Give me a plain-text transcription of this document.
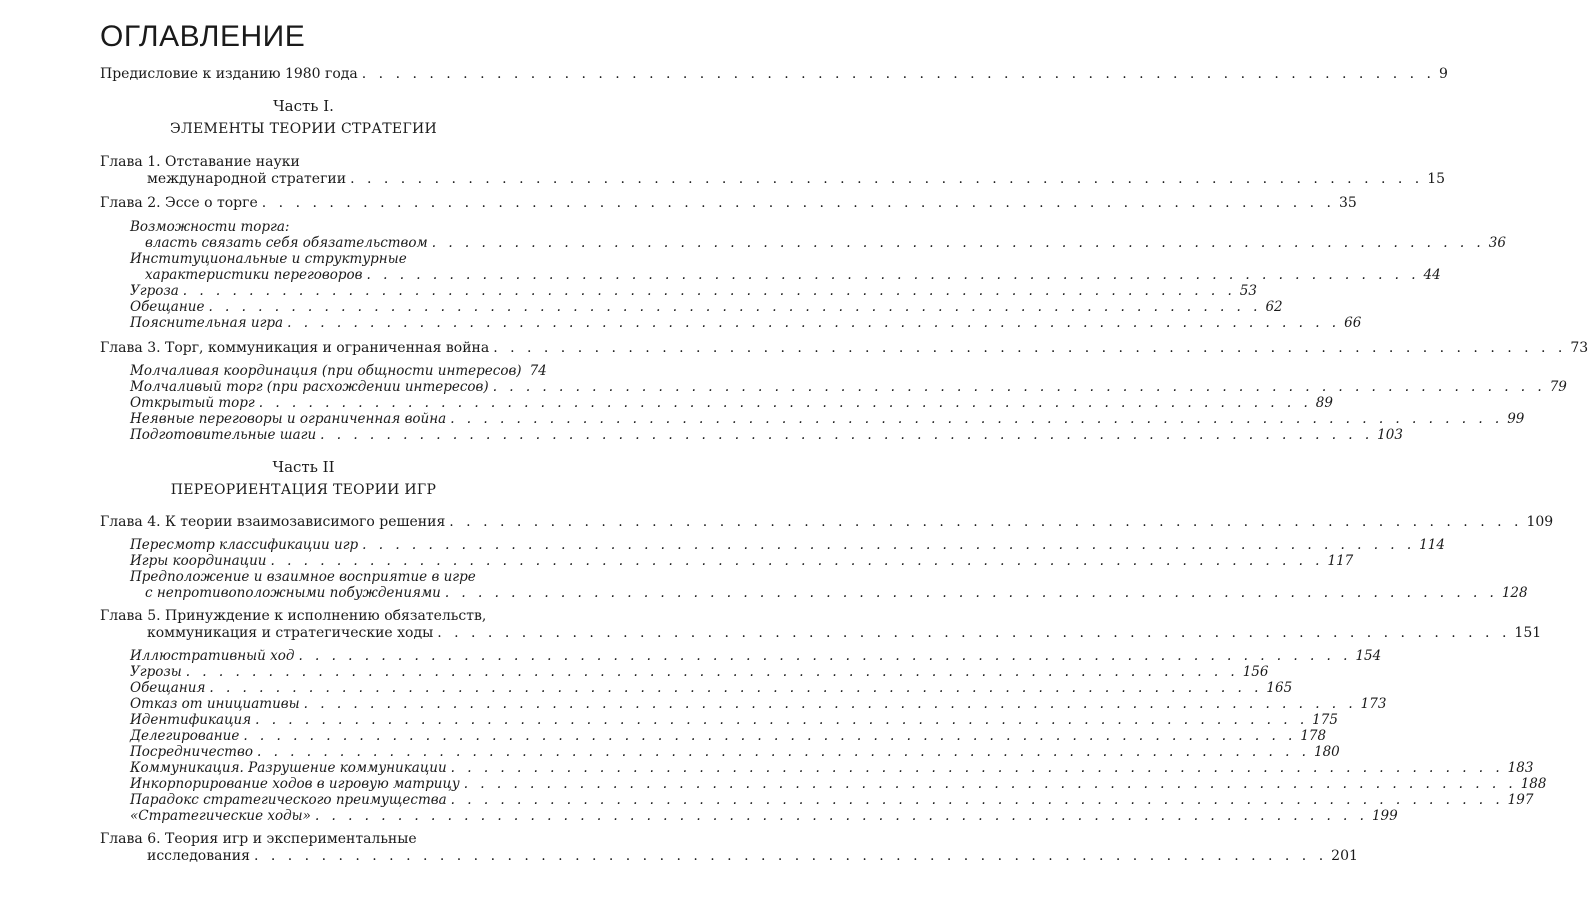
ОГЛАВЛЕНИЕ
Предисловие к изданию 1980 года . . . . . . . . . . . . . . . . . . . . . . . . . . . . . . . . . . . . . . . . . . . . . . . . . . . . . . . . . . . . . . . . 9
Часть I.
ЭЛЕМЕНТЫ ТЕОРИИ СТРАТЕГИИ
Глава 1. Отставание науки
международной стратегии . . . . . . . . . . . . . . . . . . . . . . . . . . . . . . . . . . . . . . . . . . . . . . . . . . . . . . . . . . . . . . . . 15
Глава 2. Эссе о торге . . . . . . . . . . . . . . . . . . . . . . . . . . . . . . . . . . . . . . . . . . . . . . . . . . . . . . . . . . . . . . . . 35
Возможности торга:
власть связать себя обязательством . . . . . . . . . . . . . . . . . . . . . . . . . . . . . . . . . . . . . . . . . . . . . . . . . . . . . . . . . . . . . . . . 36
Институциональные и структурные
характеристики переговоров . . . . . . . . . . . . . . . . . . . . . . . . . . . . . . . . . . . . . . . . . . . . . . . . . . . . . . . . . . . . . . . . 44
Угроза . . . . . . . . . . . . . . . . . . . . . . . . . . . . . . . . . . . . . . . . . . . . . . . . . . . . . . . . . . . . . . . . 53
Обещание . . . . . . . . . . . . . . . . . . . . . . . . . . . . . . . . . . . . . . . . . . . . . . . . . . . . . . . . . . . . . . . . 62
Пояснительная игра . . . . . . . . . . . . . . . . . . . . . . . . . . . . . . . . . . . . . . . . . . . . . . . . . . . . . . . . . . . . . . . . 66
Глава 3. Торг, коммуникация и ограниченная война . . . . . . . . . . . . . . . . . . . . . . . . . . . . . . . . . . . . . . . . . . . . . . . . . . . . . . . . . . . . . . . . 73
Молчаливая координация (при общности интересов) 74
Молчаливый торг (при расхождении интересов) . . . . . . . . . . . . . . . . . . . . . . . . . . . . . . . . . . . . . . . . . . . . . . . . . . . . . . . . . . . . . . . . 79
Открытый торг . . . . . . . . . . . . . . . . . . . . . . . . . . . . . . . . . . . . . . . . . . . . . . . . . . . . . . . . . . . . . . . . 89
Неявные переговоры и ограниченная война . . . . . . . . . . . . . . . . . . . . . . . . . . . . . . . . . . . . . . . . . . . . . . . . . . . . . . . . . . . . . . . . 99
Подготовительные шаги . . . . . . . . . . . . . . . . . . . . . . . . . . . . . . . . . . . . . . . . . . . . . . . . . . . . . . . . . . . . . . . . 103
Часть II
ПЕРЕОРИЕНТАЦИЯ ТЕОРИИ ИГР
Глава 4. К теории взаимозависимого решения . . . . . . . . . . . . . . . . . . . . . . . . . . . . . . . . . . . . . . . . . . . . . . . . . . . . . . . . . . . . . . . . 109
Пересмотр классификации игр . . . . . . . . . . . . . . . . . . . . . . . . . . . . . . . . . . . . . . . . . . . . . . . . . . . . . . . . . . . . . . . . 114
Игры координации . . . . . . . . . . . . . . . . . . . . . . . . . . . . . . . . . . . . . . . . . . . . . . . . . . . . . . . . . . . . . . . . 117
Предположение и взаимное восприятие в игре
с непротивоположными побуждениями . . . . . . . . . . . . . . . . . . . . . . . . . . . . . . . . . . . . . . . . . . . . . . . . . . . . . . . . . . . . . . . . 128
Глава 5. Принуждение к исполнению обязательств,
коммуникация и стратегические ходы . . . . . . . . . . . . . . . . . . . . . . . . . . . . . . . . . . . . . . . . . . . . . . . . . . . . . . . . . . . . . . . . 151
Иллюстративный ход . . . . . . . . . . . . . . . . . . . . . . . . . . . . . . . . . . . . . . . . . . . . . . . . . . . . . . . . . . . . . . . . 154
Угрозы . . . . . . . . . . . . . . . . . . . . . . . . . . . . . . . . . . . . . . . . . . . . . . . . . . . . . . . . . . . . . . . . 156
Обещания . . . . . . . . . . . . . . . . . . . . . . . . . . . . . . . . . . . . . . . . . . . . . . . . . . . . . . . . . . . . . . . . 165
Отказ от инициативы . . . . . . . . . . . . . . . . . . . . . . . . . . . . . . . . . . . . . . . . . . . . . . . . . . . . . . . . . . . . . . . . 173
Идентификация . . . . . . . . . . . . . . . . . . . . . . . . . . . . . . . . . . . . . . . . . . . . . . . . . . . . . . . . . . . . . . . . 175
Делегирование . . . . . . . . . . . . . . . . . . . . . . . . . . . . . . . . . . . . . . . . . . . . . . . . . . . . . . . . . . . . . . . . 178
Посредничество . . . . . . . . . . . . . . . . . . . . . . . . . . . . . . . . . . . . . . . . . . . . . . . . . . . . . . . . . . . . . . . . 180
Коммуникация. Разрушение коммуникации . . . . . . . . . . . . . . . . . . . . . . . . . . . . . . . . . . . . . . . . . . . . . . . . . . . . . . . . . . . . . . . . 183
Инкорпорирование ходов в игровую матрицу . . . . . . . . . . . . . . . . . . . . . . . . . . . . . . . . . . . . . . . . . . . . . . . . . . . . . . . . . . . . . . . . 188
Парадокс стратегического преимущества . . . . . . . . . . . . . . . . . . . . . . . . . . . . . . . . . . . . . . . . . . . . . . . . . . . . . . . . . . . . . . . . 197
«Стратегические ходы» . . . . . . . . . . . . . . . . . . . . . . . . . . . . . . . . . . . . . . . . . . . . . . . . . . . . . . . . . . . . . . . . 199
Глава 6. Теория игр и экспериментальные
исследования . . . . . . . . . . . . . . . . . . . . . . . . . . . . . . . . . . . . . . . . . . . . . . . . . . . . . . . . . . . . . . . . 201
